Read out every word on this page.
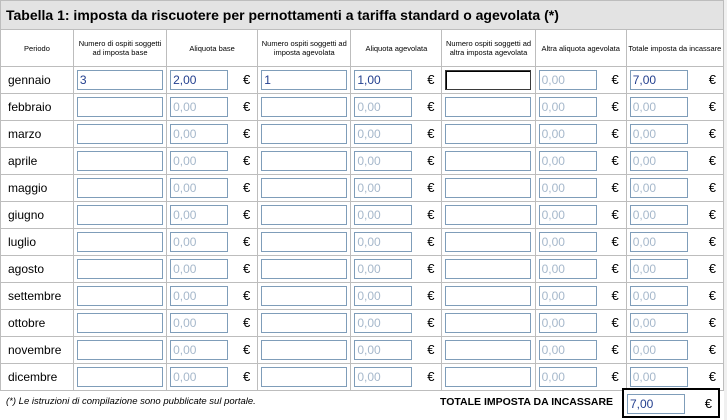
Tabella 1: imposta da riscuotere per pernottamenti a tariffa standard o agevolata (*)
Periodo	Numero di ospiti soggetti ad imposta base	Aliquota base	Numero ospiti soggetti ad imposta agevolata	Aliquota agevolata	Numero ospiti soggetti ad altra imposta agevolata	Altra aliquota agevolata	Totale imposta da incassare
gennaio	3	2,00 €	1	1,00 €		0,00 €	7,00 €

febbraio		0,00 €		0,00 €		0,00 €	0,00 €

marzo		0,00 €		0,00 €		0,00 €	0,00 €

aprile		0,00 €		0,00 €		0,00 €	0,00 €

maggio		0,00 €		0,00 €		0,00 €	0,00 €

giugno		0,00 €		0,00 €		0,00 €	0,00 €

luglio		0,00 €		0,00 €		0,00 €	0,00 €

agosto		0,00 €		0,00 €		0,00 €	0,00 €

settembre		0,00 €		0,00 €		0,00 €	0,00 €

ottobre		0,00 €		0,00 €		0,00 €	0,00 €

novembre		0,00 €		0,00 €		0,00 €	0,00 €

dicembre		0,00 €		0,00 €		0,00 €	0,00 €
(*) Le istruzioni di compilazione sono pubblicate sul portale.	TOTALE IMPOSTA DA INCASSARE 7,00	€
